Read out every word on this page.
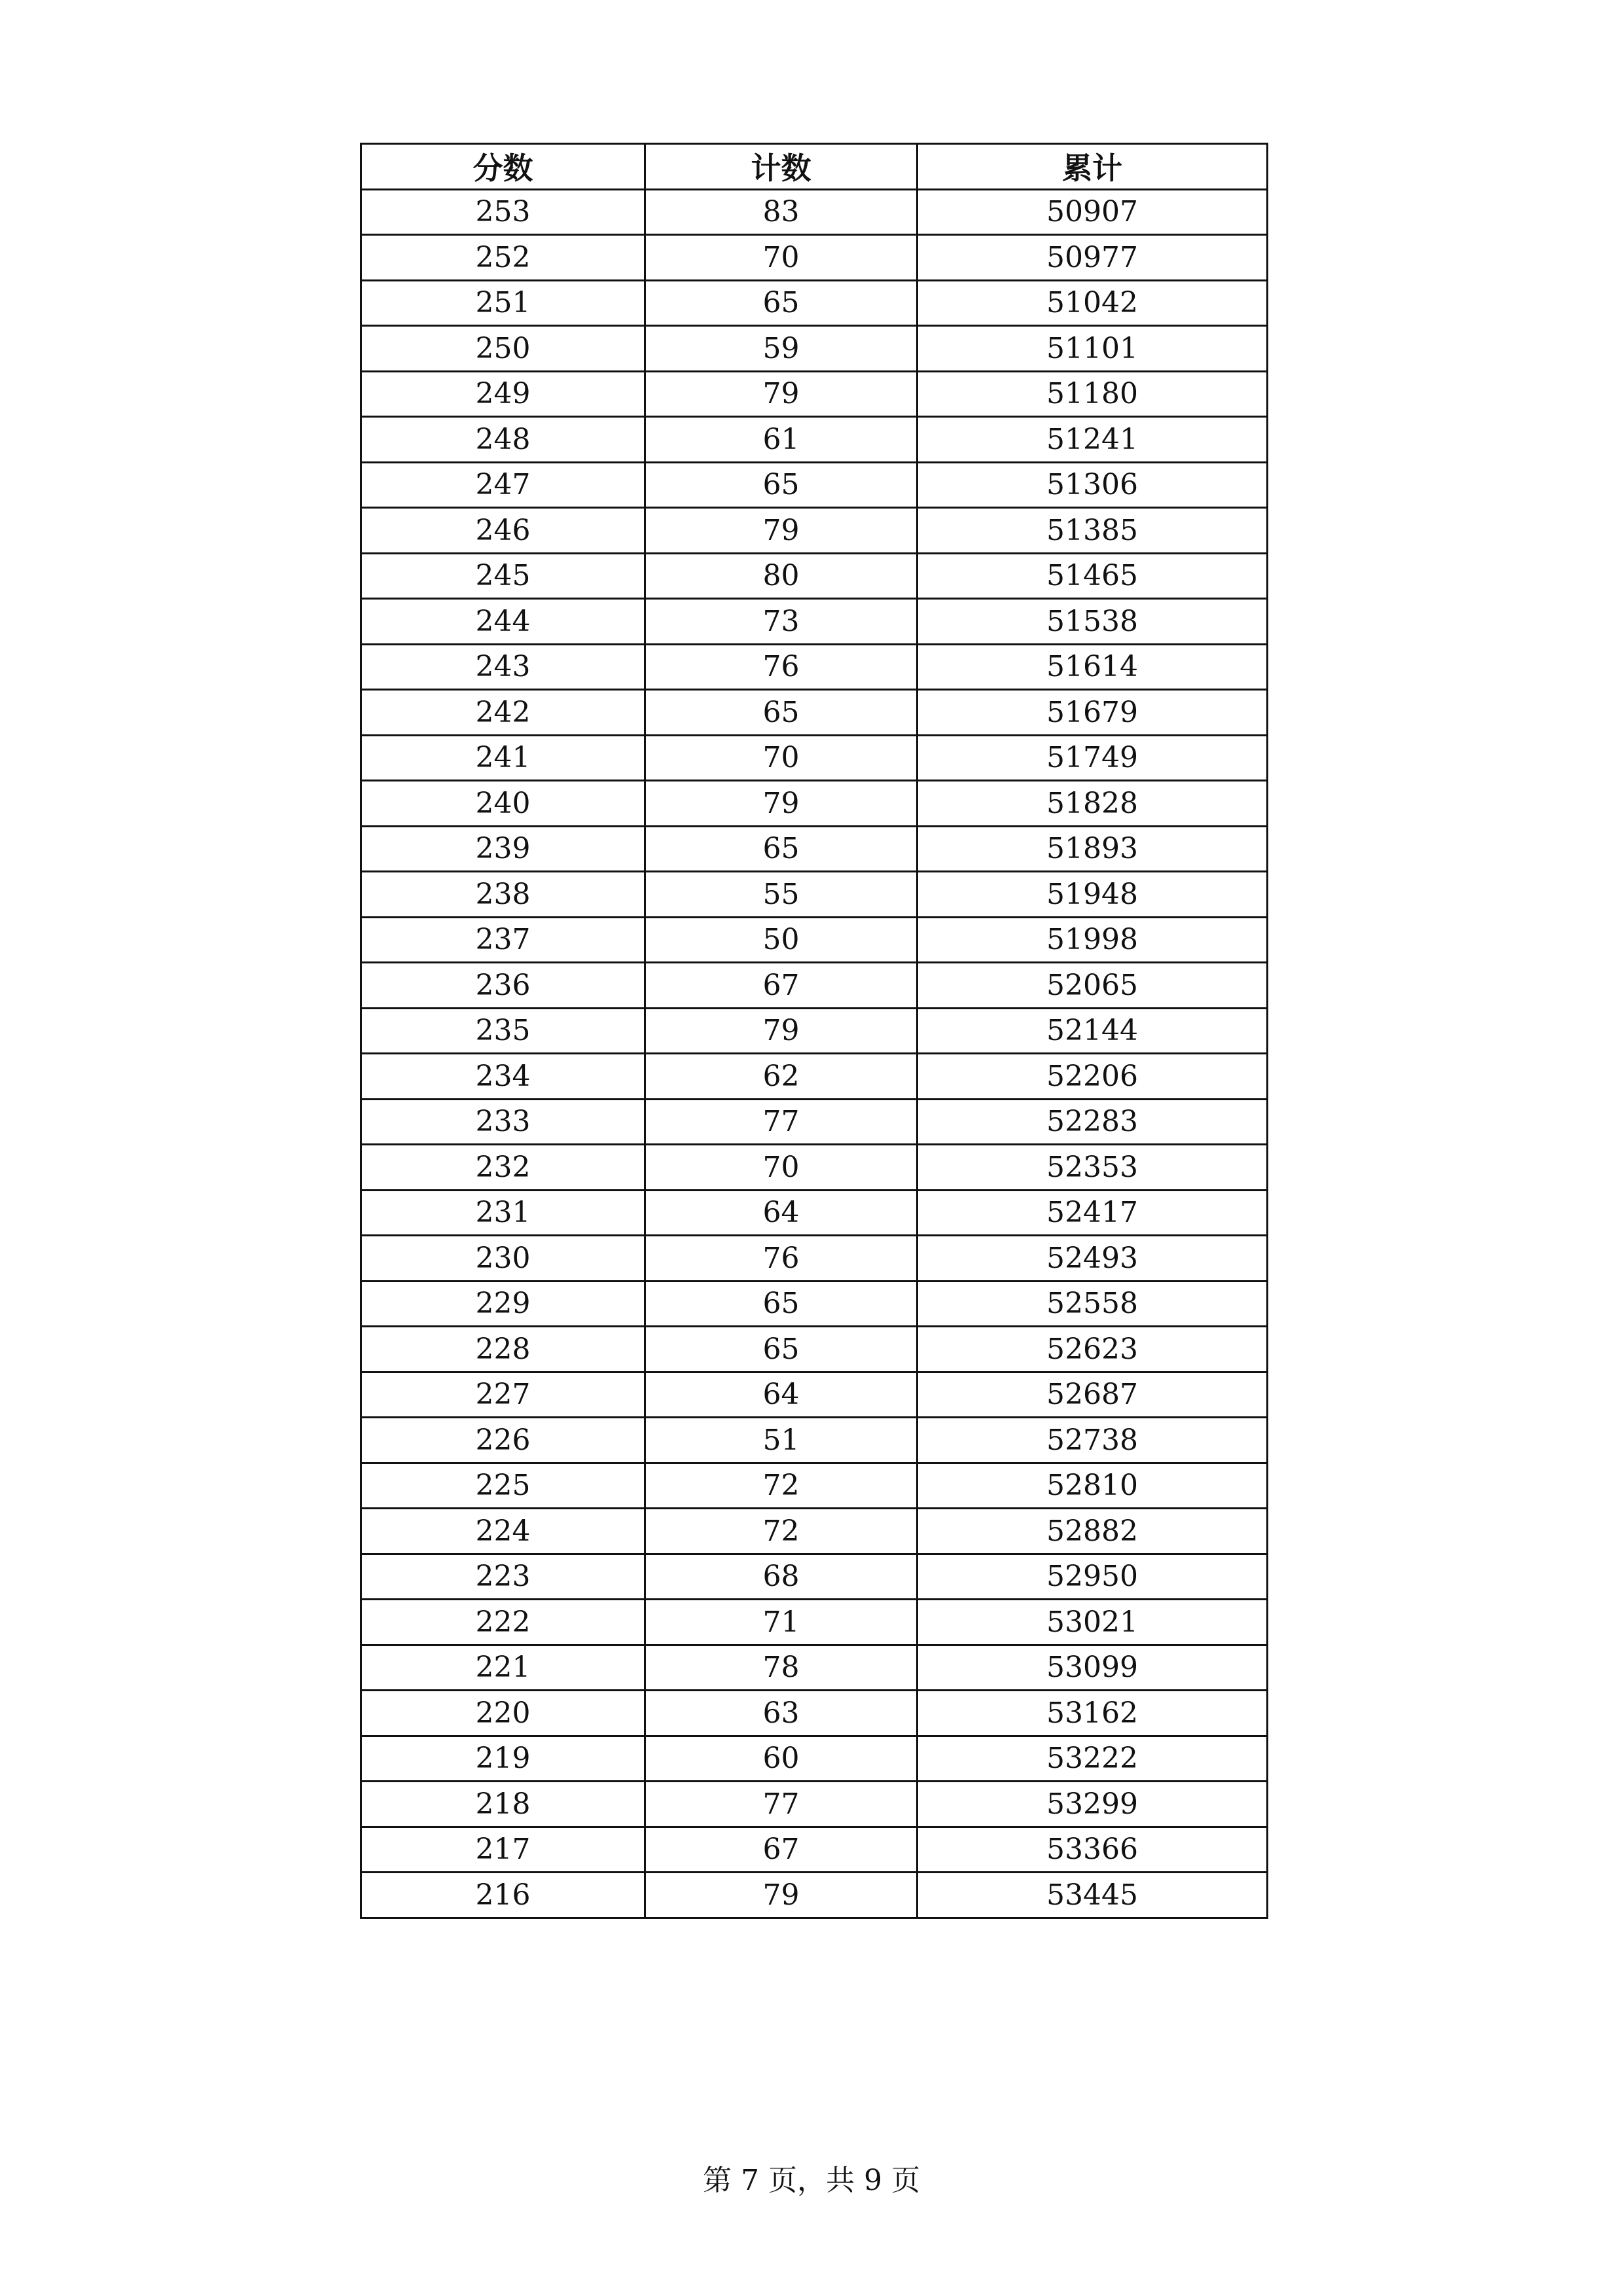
分数	计数	累计
253	83	50907
252	70	50977
251	65	51042
250	59	51101
249	79	51180
248	61	51241
247	65	51306
246	79	51385
245	80	51465
244	73	51538
243	76	51614
242	65	51679
241	70	51749
240	79	51828
239	65	51893
238	55	51948
237	50	51998
236	67	52065
235	79	52144
234	62	52206
233	77	52283
232	70	52353
231	64	52417
230	76	52493
229	65	52558
228	65	52623
227	64	52687
226	51	52738
225	72	52810
224	72	52882
223	68	52950
222	71	53021
221	78	53099
220	63	53162
219	60	53222
218	77	53299
217	67	53366
216	79	53445
第 7 页，共 9 页
